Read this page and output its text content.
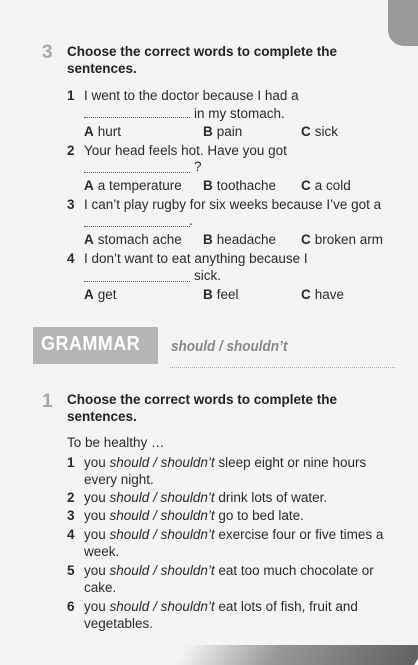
3 Choose the correct words to complete the
sentences.
1 I went to the doctor because I had a
in my stomach.
A hurt	B pain	C sick
2 Your head feels hot. Have you got
?
A a temperature B toothache C a cold
3 I can’t play rugby for six weeks because I’ve got a
.
A stomach ache B headache C broken arm
4 I don’t want to eat anything because I
sick.
A get	B feel	C have
GRAMMAR should / shouldn’t
1 Choose the correct words to complete the
sentences.
To be healthy …
1 you should / shouldn’t sleep eight or nine hours every night.
2 you should / shouldn’t drink lots of water.
3 you should / shouldn’t go to bed late.
4 you should / shouldn’t exercise four or five times a week.
5 you should / shouldn’t eat too much chocolate or cake.
6 you should / shouldn’t eat lots of fish, fruit and vegetables.
